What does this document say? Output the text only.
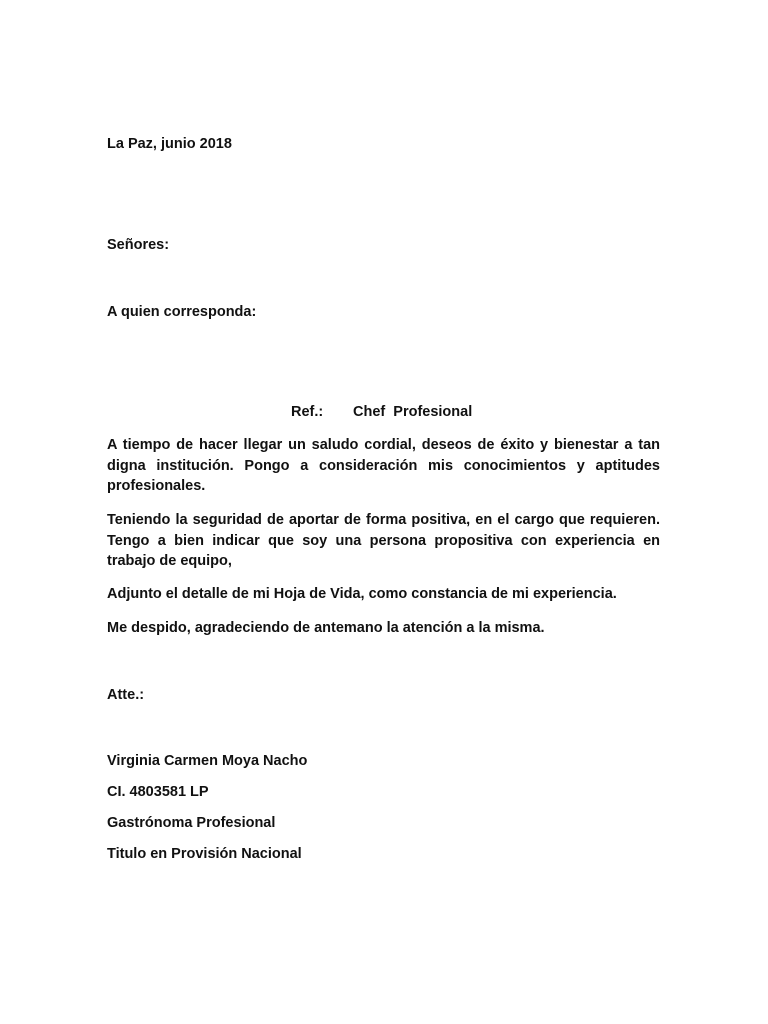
La Paz, junio 2018

Señores:

A quien corresponda:

Ref.: Chef  Profesional

A tiempo de hacer llegar un saludo cordial, deseos de éxito y bienestar a tan digna institución. Pongo a consideración mis conocimientos y aptitudes profesionales.

Teniendo la seguridad de aportar de forma positiva, en el cargo que requieren. Tengo a bien indicar que soy una persona propositiva con experiencia en trabajo de equipo,

Adjunto el detalle de mi Hoja de Vida, como constancia de mi experiencia.

Me despido, agradeciendo de antemano la atención a la misma.

Atte.:

Virginia Carmen Moya Nacho

CI. 4803581 LP

Gastrónoma Profesional

Titulo en Provisión Nacional
